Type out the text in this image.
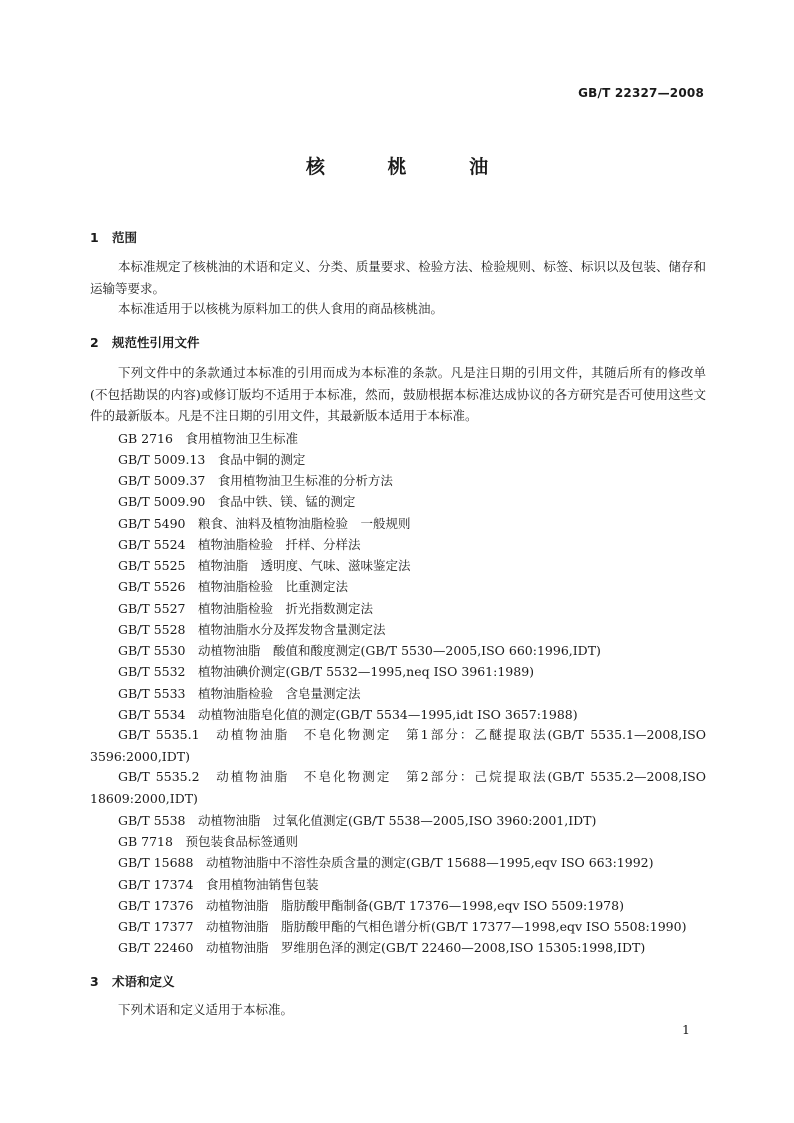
GB/T 22327—2008
核 桃 油
1 范围
本标准规定了核桃油的术语和定义、分类、质量要求、检验方法、检验规则、标签、标识以及包装、储存和运输等要求。
本标准适用于以核桃为原料加工的供人食用的商品核桃油。
2 规范性引用文件
下列文件中的条款通过本标准的引用而成为本标准的条款。凡是注日期的引用文件，其随后所有的修改单(不包括勘误的内容)或修订版均不适用于本标准，然而，鼓励根据本标准达成协议的各方研究是否可使用这些文件的最新版本。凡是不注日期的引用文件，其最新版本适用于本标准。
GB 2716　食用植物油卫生标准
GB/T 5009.13　食品中铜的测定
GB/T 5009.37　食用植物油卫生标准的分析方法
GB/T 5009.90　食品中铁、镁、锰的测定
GB/T 5490　粮食、油料及植物油脂检验　一般规则
GB/T 5524　植物油脂检验　扦样、分样法
GB/T 5525　植物油脂　透明度、气味、滋味鉴定法
GB/T 5526　植物油脂检验　比重测定法
GB/T 5527　植物油脂检验　折光指数测定法
GB/T 5528　植物油脂水分及挥发物含量测定法
GB/T 5530　动植物油脂　酸值和酸度测定(GB/T 5530—2005,ISO 660:1996,IDT)
GB/T 5532　植物油碘价测定(GB/T 5532—1995,neq ISO 3961:1989)
GB/T 5533　植物油脂检验　含皂量测定法
GB/T 5534　动植物油脂皂化值的测定(GB/T 5534—1995,idt ISO 3657:1988)
GB/T 5535.1　动植物油脂　不皂化物测定　第1部分：乙醚提取法(GB/T 5535.1—2008,ISO 3596:2000,IDT)
GB/T 5535.2　动植物油脂　不皂化物测定　第2部分：己烷提取法(GB/T 5535.2—2008,ISO 18609:2000,IDT)
GB/T 5538　动植物油脂　过氧化值测定(GB/T 5538—2005,ISO 3960:2001,IDT)
GB 7718　预包装食品标签通则
GB/T 15688　动植物油脂中不溶性杂质含量的测定(GB/T 15688—1995,eqv ISO 663:1992)
GB/T 17374　食用植物油销售包装
GB/T 17376　动植物油脂　脂肪酸甲酯制备(GB/T 17376—1998,eqv ISO 5509:1978)
GB/T 17377　动植物油脂　脂肪酸甲酯的气相色谱分析(GB/T 17377—1998,eqv ISO 5508:1990)
GB/T 22460　动植物油脂　罗维朋色泽的测定(GB/T 22460—2008,ISO 15305:1998,IDT)
3 术语和定义
下列术语和定义适用于本标准。
1
